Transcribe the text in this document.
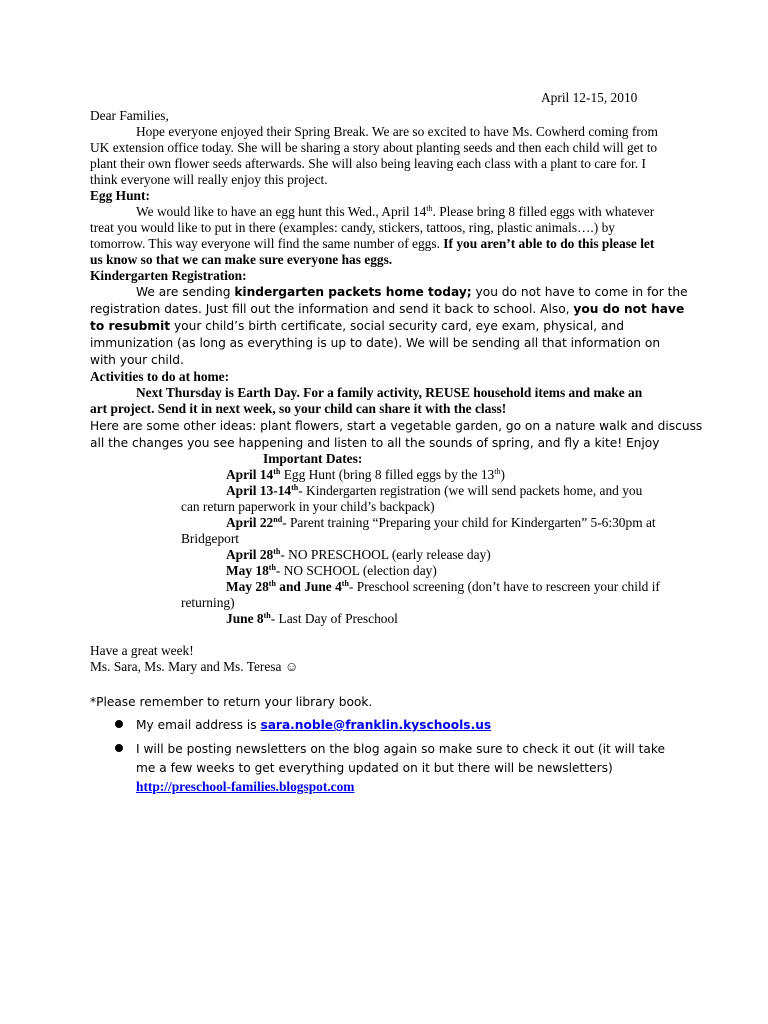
April 12-15, 2010
Dear Families,
Hope everyone enjoyed their Spring Break. We are so excited to have Ms. Cowherd coming from
UK extension office today. She will be sharing a story about planting seeds and then each child will get to
plant their own flower seeds afterwards. She will also being leaving each class with a plant to care for. I
think everyone will really enjoy this project.
Egg Hunt:
We would like to have an egg hunt this Wed., April 14th. Please bring 8 filled eggs with whatever
treat you would like to put in there (examples: candy, stickers, tattoos, ring, plastic animals….) by
tomorrow. This way everyone will find the same number of eggs. If you aren’t able to do this please let
us know so that we can make sure everyone has eggs.
Kindergarten Registration:
We are sending kindergarten packets home today; you do not have to come in for the
registration dates. Just fill out the information and send it back to school. Also, you do not have
to resubmit your child’s birth certificate, social security card, eye exam, physical, and
immunization (as long as everything is up to date). We will be sending all that information on
with your child.
Activities to do at home:
Next Thursday is Earth Day. For a family activity, REUSE household items and make an
art project. Send it in next week, so your child can share it with the class!
Here are some other ideas: plant flowers, start a vegetable garden, go on a nature walk and discuss
all the changes you see happening and listen to all the sounds of spring, and fly a kite! Enjoy
Important Dates:
April 14th Egg Hunt (bring 8 filled eggs by the 13th)
April 13-14th- Kindergarten registration (we will send packets home, and you
can return paperwork in your child’s backpack)
April 22nd- Parent training “Preparing your child for Kindergarten” 5-6:30pm at
Bridgeport
April 28th- NO PRESCHOOL (early release day)
May 18th- NO SCHOOL (election day)
May 28th and June 4th- Preschool screening (don’t have to rescreen your child if
returning)
June 8th- Last Day of Preschool
Have a great week!
Ms. Sara, Ms. Mary and Ms. Teresa ☺
*Please remember to return your library book.
My email address is sara.noble@franklin.kyschools.us
I will be posting newsletters on the blog again so make sure to check it out (it will take
me a few weeks to get everything updated on it but there will be newsletters)
http://preschool-families.blogspot.com
